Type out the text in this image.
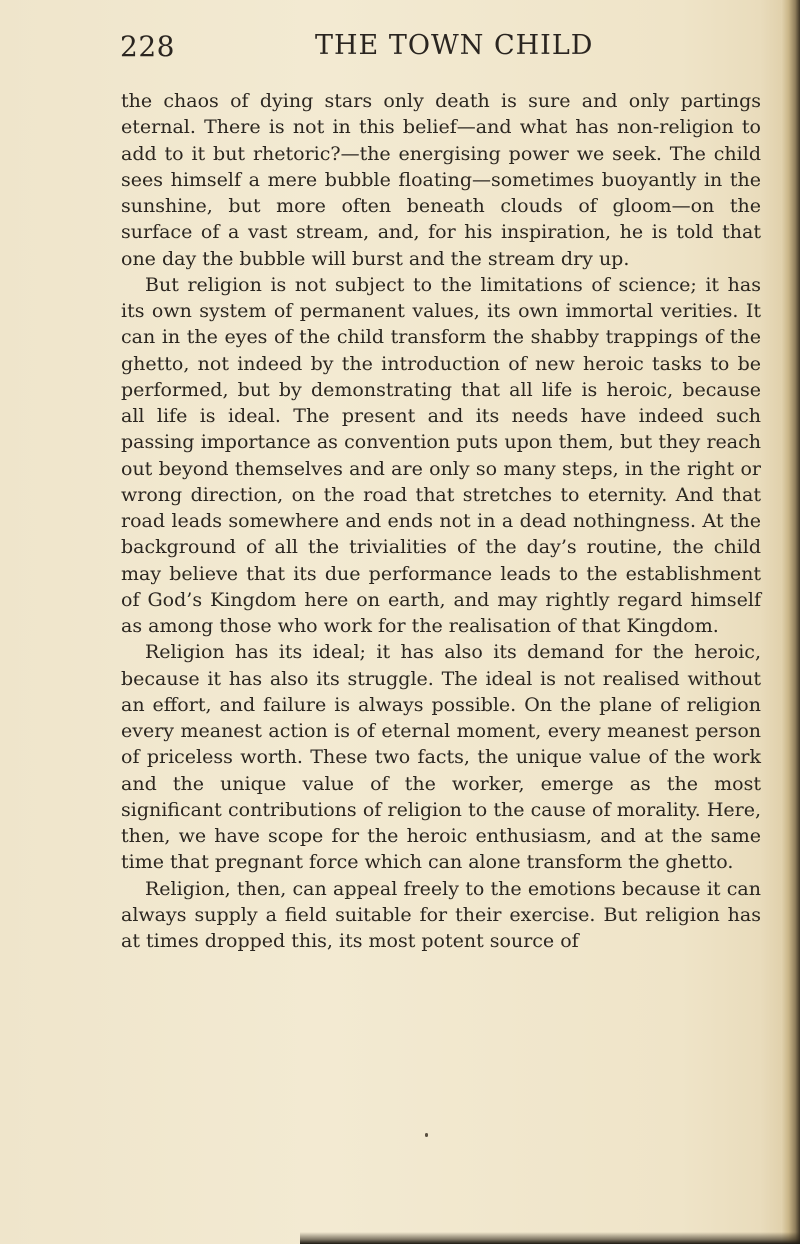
228	THE TOWN CHILD

the chaos of dying stars only death is sure and only partings eternal. There is not in this belief—and what has non-religion to add to it but rhetoric?—the energising power we seek. The child sees himself a mere bubble floating—sometimes buoyantly in the sunshine, but more often beneath clouds of gloom—on the surface of a vast stream, and, for his inspiration, he is told that one day the bubble will burst and the stream dry up.

But religion is not subject to the limitations of science; it has its own system of permanent values, its own immortal verities. It can in the eyes of the child transform the shabby trappings of the ghetto, not indeed by the introduction of new heroic tasks to be performed, but by demonstrating that all life is heroic, because all life is ideal. The present and its needs have indeed such passing importance as convention puts upon them, but they reach out beyond themselves and are only so many steps, in the right or wrong direction, on the road that stretches to eternity. And that road leads somewhere and ends not in a dead nothingness. At the background of all the trivialities of the day’s routine, the child may believe that its due performance leads to the establishment of God’s Kingdom here on earth, and may rightly regard himself as among those who work for the realisation of that Kingdom.

Religion has its ideal; it has also its demand for the heroic, because it has also its struggle. The ideal is not realised without an effort, and failure is always possible. On the plane of religion every meanest action is of eternal moment, every meanest person of priceless worth. These two facts, the unique value of the work and the unique value of the worker, emerge as the most significant contributions of religion to the cause of morality. Here, then, we have scope for the heroic enthusiasm, and at the same time that pregnant force which can alone transform the ghetto.

Religion, then, can appeal freely to the emotions because it can always supply a field suitable for their exercise. But religion has at times dropped this, its most potent source of
